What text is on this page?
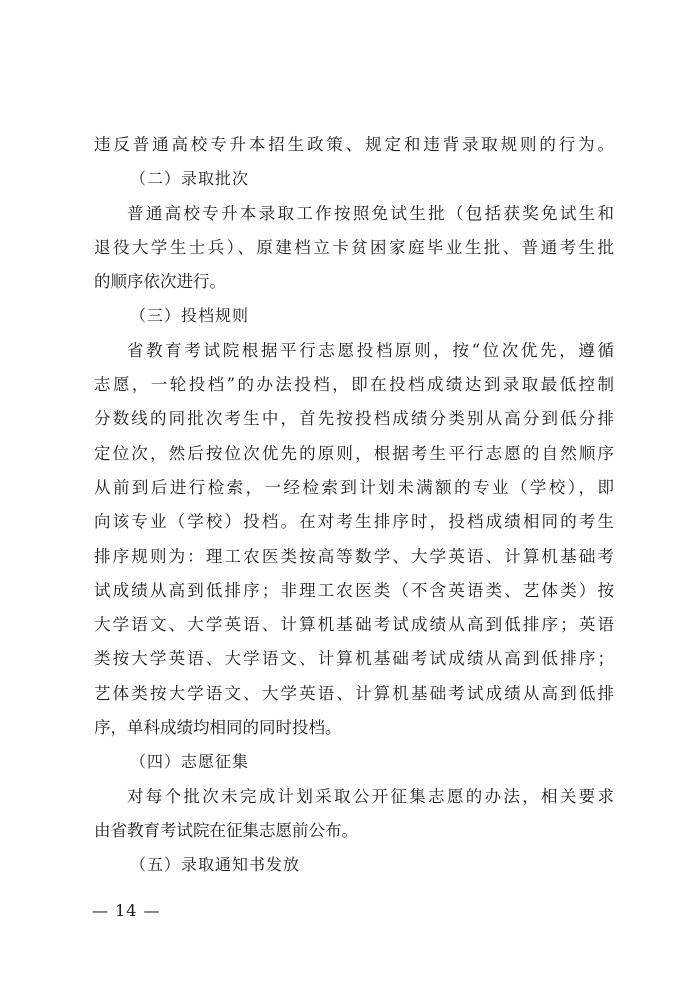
违反普通高校专升本招生政策、规定和违背录取规则的行为。
（二）录取批次
普通高校专升本录取工作按照免试生批（包括获奖免试生和
退役大学生士兵）、原建档立卡贫困家庭毕业生批、普通考生批
的顺序依次进行。
（三）投档规则
省教育考试院根据平行志愿投档原则，按“位次优先，遵循
志愿，一轮投档”的办法投档，即在投档成绩达到录取最低控制
分数线的同批次考生中，首先按投档成绩分类别从高分到低分排
定位次，然后按位次优先的原则，根据考生平行志愿的自然顺序
从前到后进行检索，一经检索到计划未满额的专业（学校），即
向该专业（学校）投档。在对考生排序时，投档成绩相同的考生
排序规则为：理工农医类按高等数学、大学英语、计算机基础考
试成绩从高到低排序；非理工农医类（不含英语类、艺体类）按
大学语文、大学英语、计算机基础考试成绩从高到低排序；英语
类按大学英语、大学语文、计算机基础考试成绩从高到低排序；
艺体类按大学语文、大学英语、计算机基础考试成绩从高到低排
序，单科成绩均相同的同时投档。
（四）志愿征集
对每个批次未完成计划采取公开征集志愿的办法，相关要求
由省教育考试院在征集志愿前公布。
（五）录取通知书发放
— 14 —
